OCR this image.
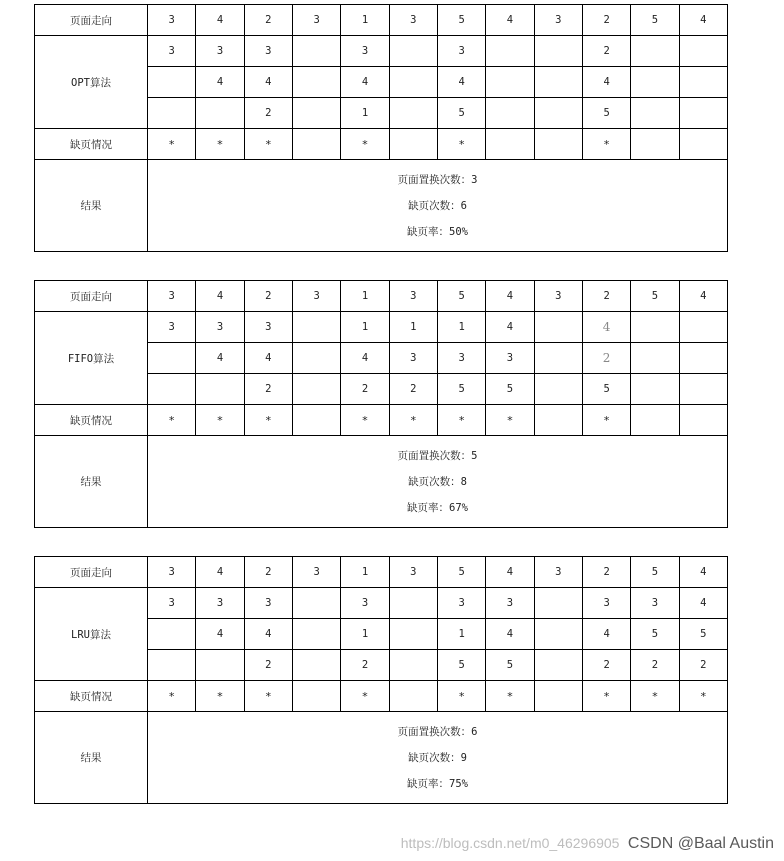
页面走向	3	4	2	3	1	3	5	4	3	2	5	4
OPT算法	3	3	3		3		3			2		
		4	4		4		4			4		
			2		1		5			5		
缺页情况	*	*	*		*		*			*		
结果	页面置换次数：3
缺页次数：6
缺页率：50%											
页面走向	3	4	2	3	1	3	5	4	3	2	5	4
FIFO算法	3	3	3		1	1	1	4		4		
		4	4		4	3	3	3		2		
			2		2	2	5	5		5		
缺页情况	*	*	*		*	*	*	*		*		
结果	页面置换次数：5
缺页次数：8
缺页率：67%											
页面走向	3	4	2	3	1	3	5	4	3	2	5	4
LRU算法	3	3	3		3		3	3		3	3	4
		4	4		1		1	4		4	5	5
			2		2		5	5		2	2	2
缺页情况	*	*	*		*		*	*		*	*	*
结果	页面置换次数：6
缺页次数：9
缺页率：75%											
https://blog.csdn.net/m0_46296905 CSDN @Baal Austin
